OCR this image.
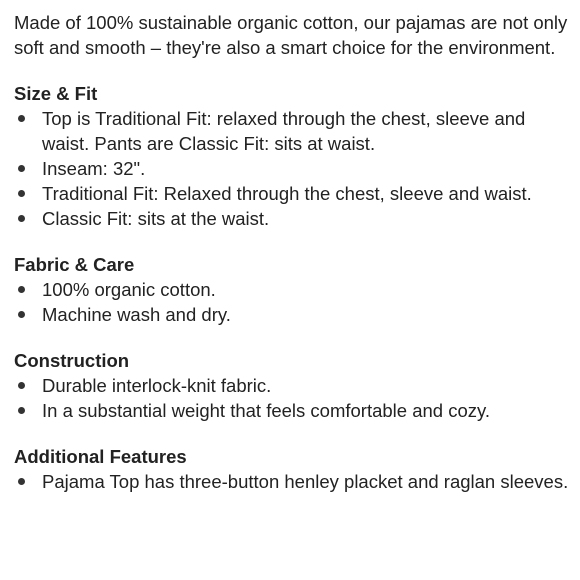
Made of 100% sustainable organic cotton, our pajamas are not only soft and smooth – they're also a smart choice for the environment.

Size & Fit

Top is Traditional Fit: relaxed through the chest, sleeve and waist. Pants are Classic Fit: sits at waist.
Inseam: 32".
Traditional Fit: Relaxed through the chest, sleeve and waist.
Classic Fit: sits at the waist.

Fabric & Care

100% organic cotton.
Machine wash and dry.

Construction

Durable interlock-knit fabric.
In a substantial weight that feels comfortable and cozy.

Additional Features

Pajama Top has three-button henley placket and raglan sleeves.
